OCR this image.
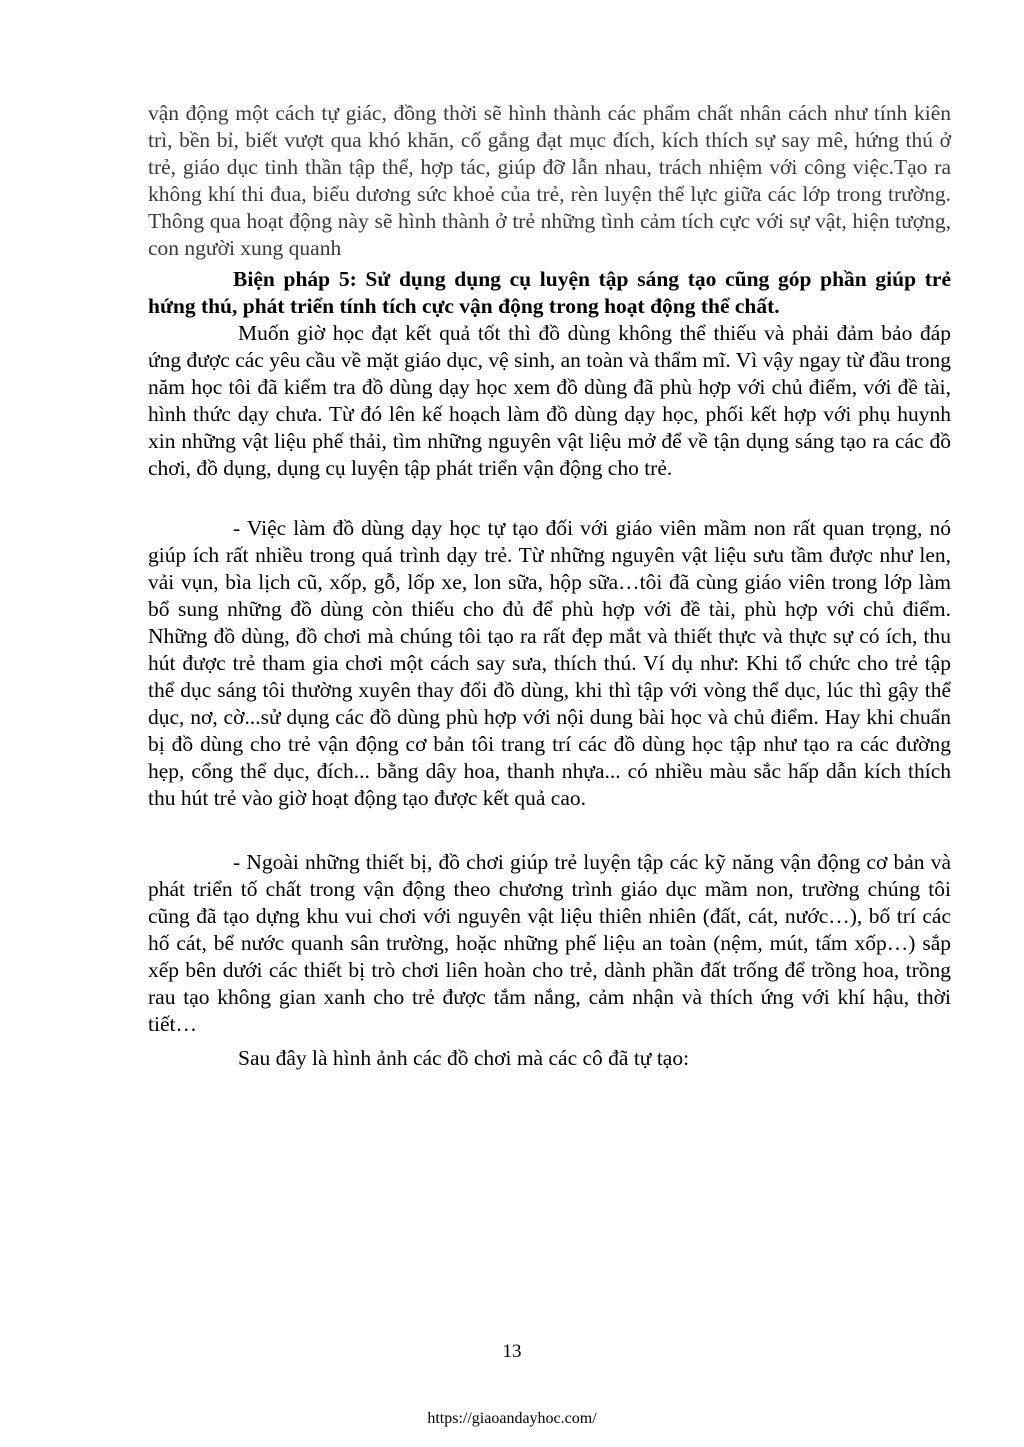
vận động một cách tự giác, đồng thời sẽ hình thành các phẩm chất nhân cách như tính kiên trì, bền bỉ, biết vượt qua khó khăn, cố gắng đạt mục đích, kích thích sự say mê, hứng thú ở trẻ, giáo dục tinh thần tập thể, hợp tác, giúp đỡ lẫn nhau, trách nhiệm với công việc.Tạo ra không khí thi đua, biểu dương sức khoẻ của trẻ, rèn luyện thể lực giữa các lớp trong trường. Thông qua hoạt động này sẽ hình thành ở trẻ những tình cảm tích cực với sự vật, hiện tượng, con người xung quanh

Biện pháp 5: Sử dụng dụng cụ luyện tập sáng tạo cũng góp phần giúp trẻ hứng thú, phát triển tính tích cực vận động trong hoạt động thể chất.

Muốn giờ học đạt kết quả tốt thì đồ dùng không thể thiếu và phải đảm bảo đáp ứng được các yêu cầu về mặt giáo dục, vệ sinh, an toàn và thẩm mĩ. Vì vậy ngay từ đầu trong năm học tôi đã kiểm tra đồ dùng dạy học xem đồ dùng đã phù hợp với chủ điểm, với đề tài, hình thức dạy chưa. Từ đó lên kế hoạch làm đồ dùng dạy học, phối kết hợp với phụ huynh xin những vật liệu phế thải, tìm những nguyên vật liệu mở để về tận dụng sáng tạo ra các đồ chơi, đồ dụng, dụng cụ luyện tập phát triển vận động cho trẻ.

- Việc làm đồ dùng dạy học tự tạo đối với giáo viên mầm non rất quan trọng, nó giúp ích rất nhiều trong quá trình dạy trẻ. Từ những nguyên vật liệu sưu tầm được như len, vải vụn, bìa lịch cũ, xốp, gỗ, lốp xe, lon sữa, hộp sữa…tôi đã cùng giáo viên trong lớp làm bổ sung những đồ dùng còn thiếu cho đủ để phù hợp với đề tài, phù hợp với chủ điểm. Những đồ dùng, đồ chơi mà chúng tôi tạo ra rất đẹp mắt và thiết thực và thực sự có ích, thu hút được trẻ tham gia chơi một cách say sưa, thích thú. Ví dụ như: Khi tổ chức cho trẻ tập thể dục sáng tôi thường xuyên thay đổi đồ dùng, khi thì tập với vòng thể dục, lúc thì gậy thể dục, nơ, cờ...sử dụng các đồ dùng phù hợp với nội dung bài học và chủ điểm. Hay khi chuẩn bị đồ dùng cho trẻ vận động cơ bản tôi trang trí các đồ dùng học tập như tạo ra các đường hẹp, cổng thể dục, đích... bằng dây hoa, thanh nhựa... có nhiều màu sắc hấp dẫn kích thích thu hút trẻ vào giờ hoạt động tạo được kết quả cao.

- Ngoài những thiết bị, đồ chơi giúp trẻ luyện tập các kỹ năng vận động cơ bản và phát triển tố chất trong vận động theo chương trình giáo dục mầm non, trường chúng tôi cũng đã tạo dựng khu vui chơi với nguyên vật liệu thiên nhiên (đất, cát, nước…), bố trí các hố cát, bể nước quanh sân trường, hoặc những phế liệu an toàn (nệm, mút, tấm xốp…) sắp xếp bên dưới các thiết bị trò chơi liên hoàn cho trẻ, dành phần đất trống để trồng hoa, trồng rau tạo không gian xanh cho trẻ được tắm nắng, cảm nhận và thích ứng với khí hậu, thời tiết…

Sau đây là hình ảnh các đồ chơi mà các cô đã tự tạo:

13
https://giaoandayhoc.com/
